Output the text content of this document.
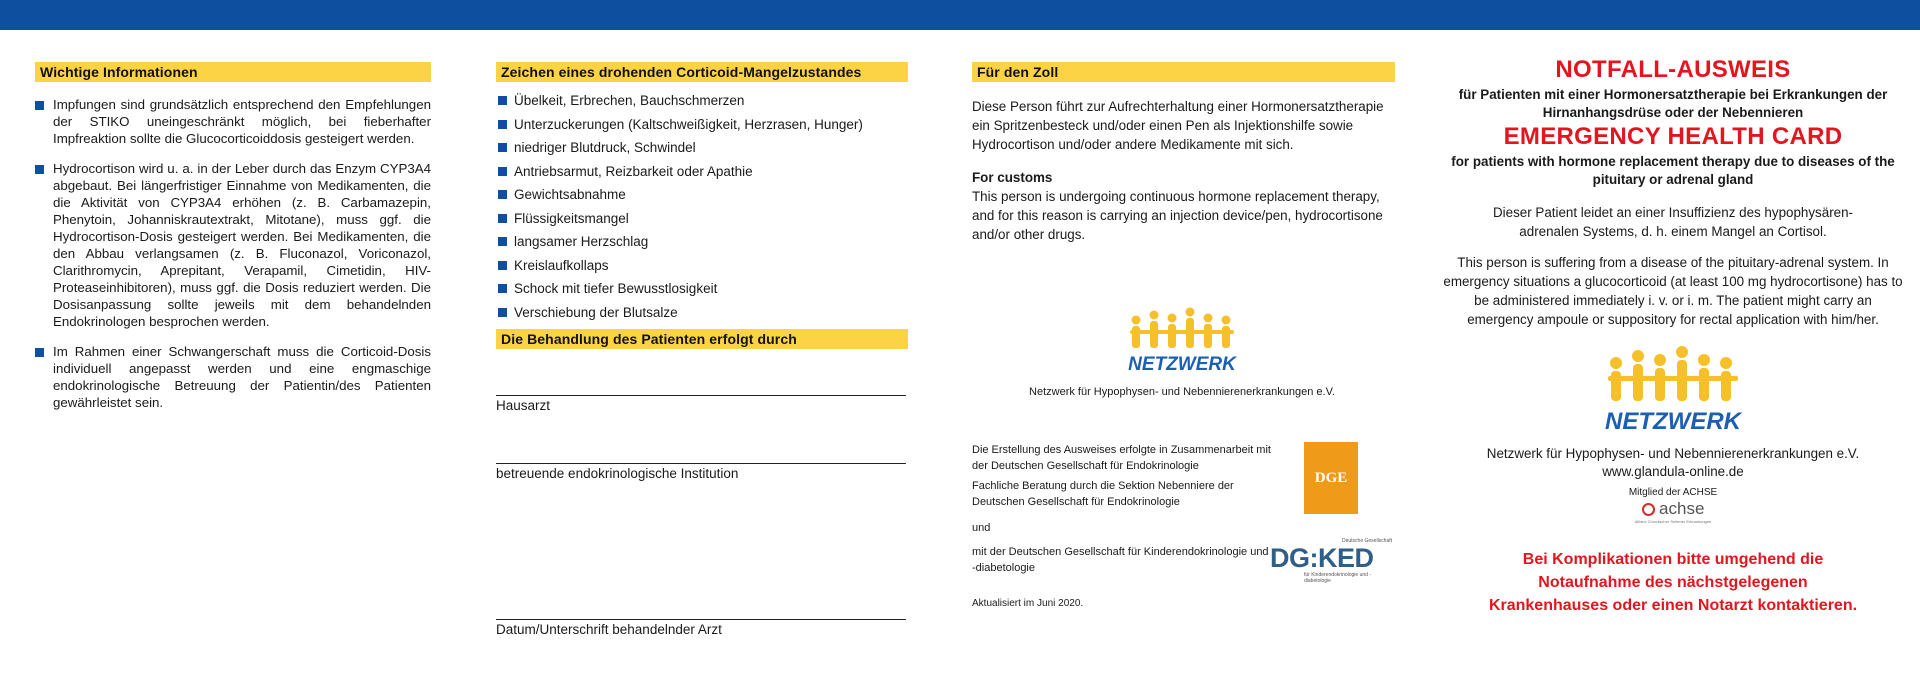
Wichtige Informationen
Impfungen sind grundsätzlich entsprechend den Empfehlungen der STIKO uneingeschränkt möglich, bei fieberhafter Impfreaktion sollte die Glucocorticoiddosis gesteigert werden.
Hydrocortison wird u. a. in der Leber durch das Enzym CYP3A4 abgebaut. Bei längerfristiger Einnahme von Medikamenten, die die Aktivität von CYP3A4 erhöhen (z. B. Carbamazepin, Phenytoin, Johanniskrautextrakt, Mitotane), muss ggf. die Hydrocortison-Dosis gesteigert werden. Bei Medikamenten, die den Abbau verlangsamen (z. B. Fluconazol, Voriconazol, Clarithromycin, Aprepitant, Verapamil, Cimetidin, HIV-Proteaseinhibitoren), muss ggf. die Dosis reduziert werden. Die Dosisanpassung sollte jeweils mit dem behandelnden Endokrinologen besprochen werden.
Im Rahmen einer Schwangerschaft muss die Corticoid-Dosis individuell angepasst werden und eine engmaschige endokrinologische Betreuung der Patientin/des Patienten gewährleistet sein.
Zeichen eines drohenden Corticoid-Mangelzustandes
Übelkeit, Erbrechen, Bauchschmerzen
Unterzuckerungen (Kaltschweißigkeit, Herzrasen, Hunger)
niedriger Blutdruck, Schwindel
Antriebsarmut, Reizbarkeit oder Apathie
Gewichtsabnahme
Flüssigkeitsmangel
langsamer Herzschlag
Kreislaufkollaps
Schock mit tiefer Bewusstlosigkeit
Verschiebung der Blutsalze
Die Behandlung des Patienten erfolgt durch
Hausarzt
betreuende endokrinologische Institution
Datum/Unterschrift behandelnder Arzt
Für den Zoll
Diese Person führt zur Aufrechterhaltung einer Hormonersatztherapie ein Spritzenbesteck und/oder einen Pen als Injektionshilfe sowie Hydrocortison und/oder andere Medikamente mit sich.
For customs
This person is undergoing continuous hormone replacement therapy, and for this reason is carrying an injection device/pen, hydrocortisone and/or other drugs.
NETZWERK
Netzwerk für Hypophysen- und Nebennierenerkrankungen e.V.
Die Erstellung des Ausweises erfolgte in Zusammenarbeit mit der Deutschen Gesellschaft für Endokrinologie
Fachliche Beratung durch die Sektion Nebenniere der Deutschen Gesellschaft für Endokrinologie
und
mit der Deutschen Gesellschaft für Kinderendokrinologie und -diabetologie
DGE
Deutsche Gesellschaft
DG:KED
für Kinderendokrinologie und -diabetologie
Aktualisiert im Juni 2020.
NOTFALL-AUSWEIS
für Patienten mit einer Hormonersatztherapie bei Erkrankungen der Hirnanhangsdrüse oder der Nebennieren
EMERGENCY HEALTH CARD
for patients with hormone replacement therapy due to diseases of the pituitary or adrenal gland
Dieser Patient leidet an einer Insuffizienz des hypophysären-adrenalen Systems, d. h. einem Mangel an Cortisol.
This person is suffering from a disease of the pituitary-adrenal system. In emergency situations a glucocorticoid (at least 100 mg hydrocortisone) has to be administered immediately i. v. or i. m. The patient might carry an emergency ampoule or suppository for rectal application with him/her.
NETZWERK
Netzwerk für Hypophysen- und Nebennierenerkrankungen e.V.
www.glandula-online.de
Mitglied der ACHSE
achse
Allianz Chronischer Seltener Erkrankungen
Bei Komplikationen bitte umgehend die Notaufnahme des nächstgelegenen Krankenhauses oder einen Notarzt kontaktieren.
